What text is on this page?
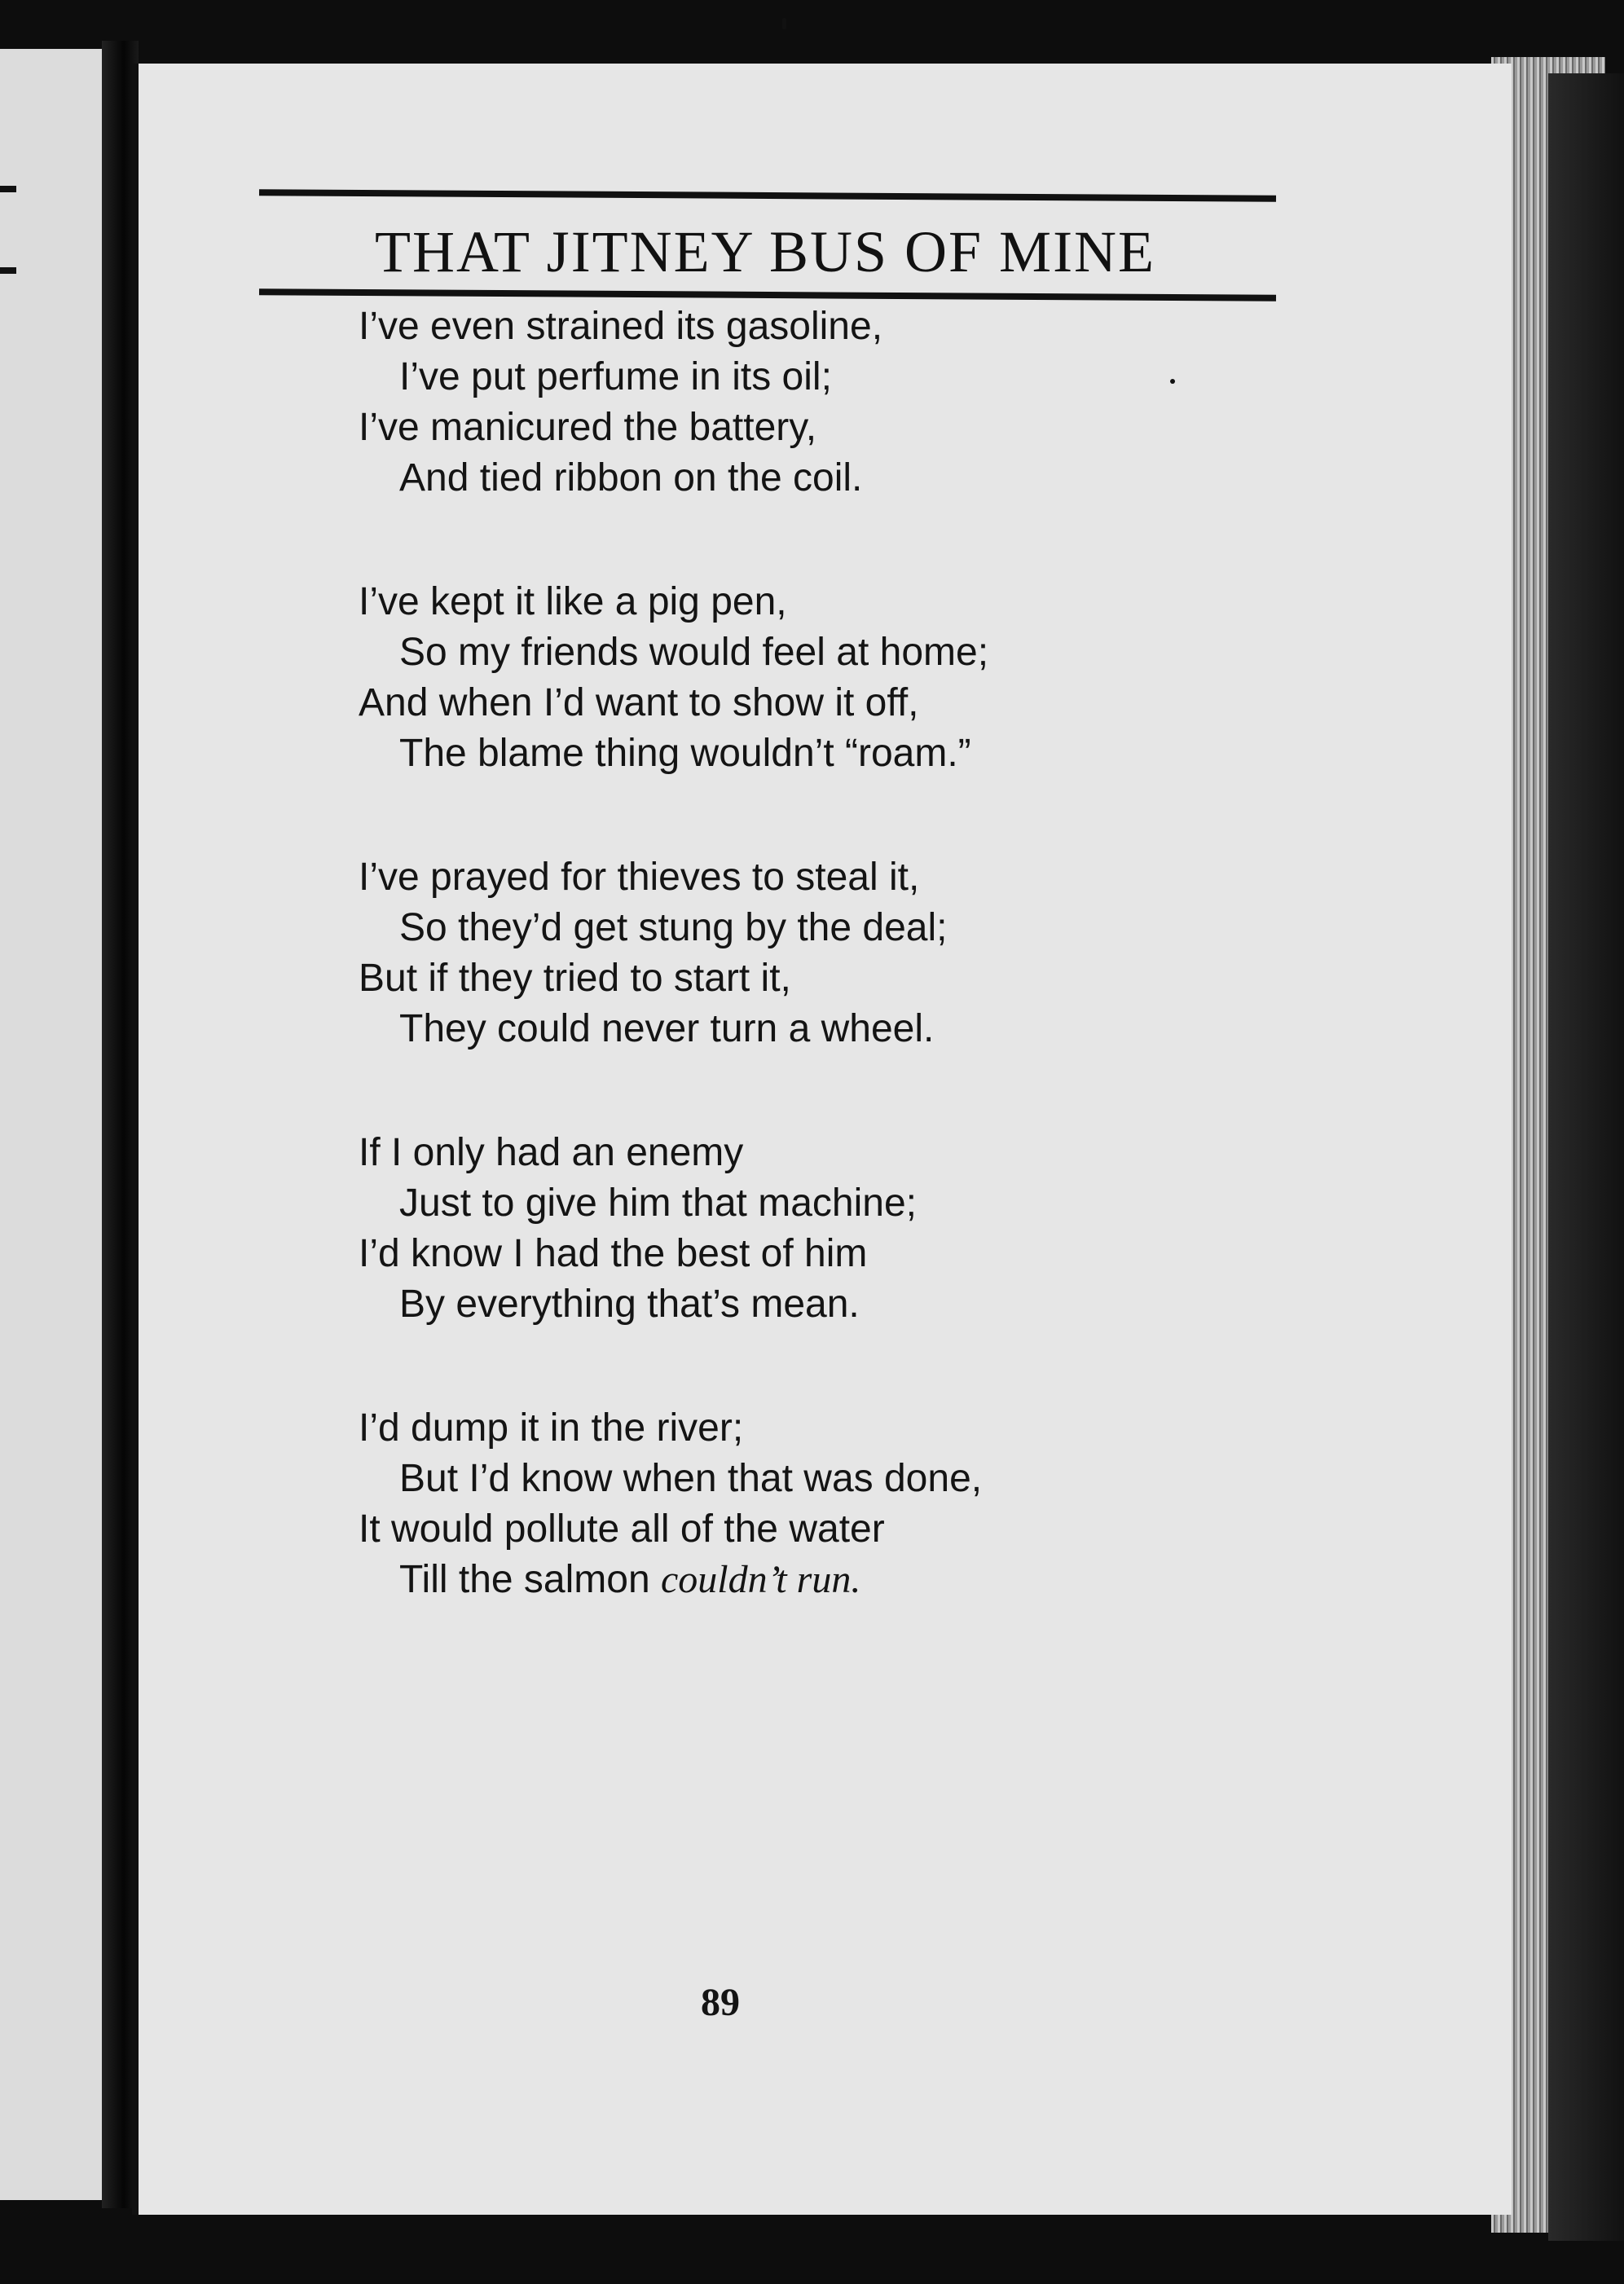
THAT JITNEY BUS OF MINE
I’ve even strained its gasoline,
I’ve put perfume in its oil;
I’ve manicured the battery,
And tied ribbon on the coil.
I’ve kept it like a pig pen,
So my friends would feel at home;
And when I’d want to show it off,
The blame thing wouldn’t “roam.”
I’ve prayed for thieves to steal it,
So they’d get stung by the deal;
But if they tried to start it,
They could never turn a wheel.
If I only had an enemy
Just to give him that machine;
I’d know I had the best of him
By everything that’s mean.
I’d dump it in the river;
But I’d know when that was done,
It would pollute all of the water
Till the salmon couldn’t run.
89
